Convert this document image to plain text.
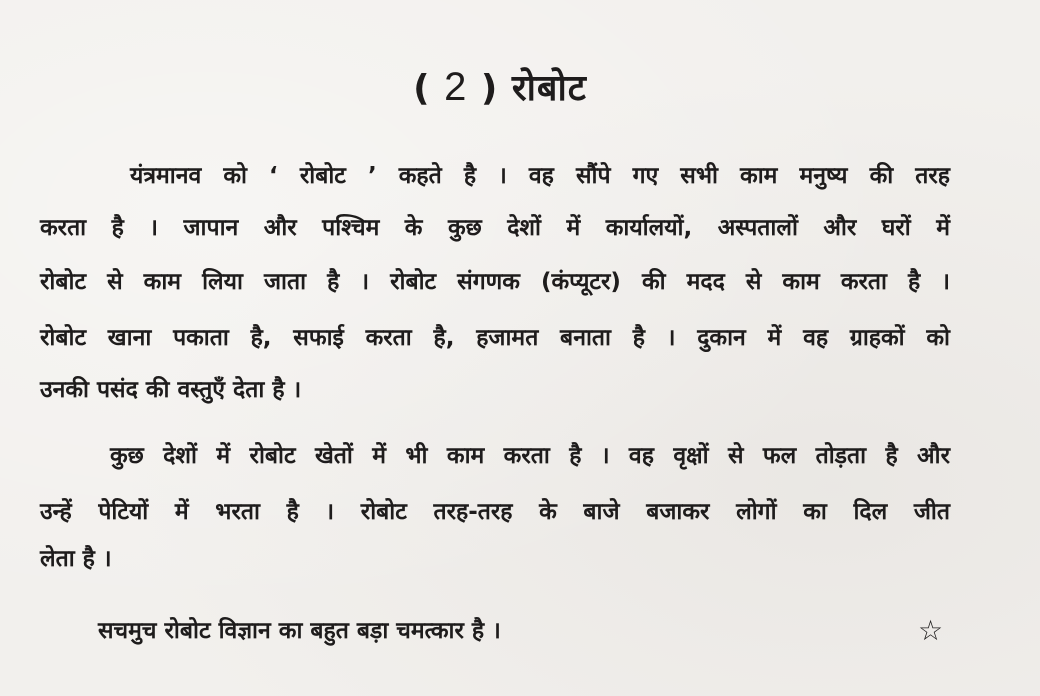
( 2 ) रोबोट
यंत्रमानव को ‘ रोबोट ’ कहते है । वह सौंपे गए सभी काम मनुष्य की तरह
करता है । जापान और पश्चिम के कुछ देशों में कार्यालयों, अस्पतालों और घरों में
रोबोट से काम लिया जाता है । रोबोट संगणक (कंप्यूटर) की मदद से काम करता है ।
रोबोट खाना पकाता है, सफाई करता है, हजामत बनाता है । दुकान में वह ग्राहकों को
उनकी पसंद की वस्तुएँ देता है ।
कुछ देशों में रोबोट खेतों में भी काम करता है । वह वृक्षों से फल तोड़ता है और
उन्हें पेटियों में भरता है । रोबोट तरह-तरह के बाजे बजाकर लोगों का दिल जीत
लेता है ।
सचमुच रोबोट विज्ञान का बहुत बड़ा चमत्कार है ।	☆
